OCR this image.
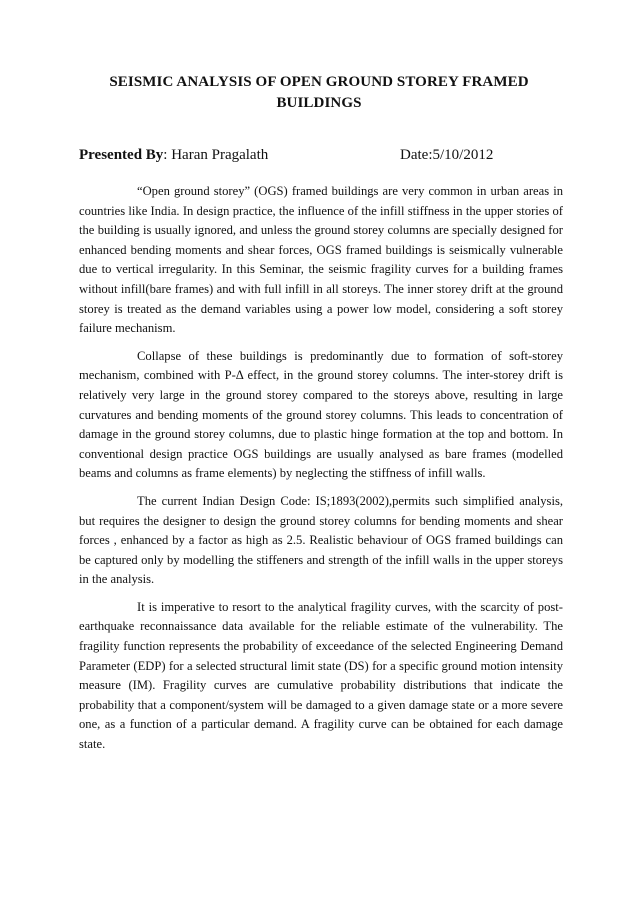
SEISMIC ANALYSIS OF OPEN GROUND STOREY FRAMED BUILDINGS
Presented By: Haran Pragalath	Date:5/10/2012

“Open ground storey” (OGS) framed buildings are very common in urban areas in countries like India. In design practice, the influence of the infill stiffness in the upper stories of the building is usually ignored, and unless the ground storey columns are specially designed for enhanced bending moments and shear forces, OGS framed buildings is seismically vulnerable due to vertical irregularity. In this Seminar, the seismic fragility curves for a building frames without infill(bare frames) and with full infill in all storeys. The inner storey drift at the ground storey is treated as the demand variables using a power low model, considering a soft storey failure mechanism.

Collapse of these buildings is predominantly due to formation of soft-storey mechanism, combined with P-Δ effect, in the ground storey columns. The inter-storey drift is relatively very large in the ground storey compared to the storeys above, resulting in large curvatures and bending moments of the ground storey columns. This leads to concentration of damage in the ground storey columns, due to plastic hinge formation at the top and bottom. In conventional design practice OGS buildings are usually analysed as bare frames (modelled beams and columns as frame elements) by neglecting the stiffness of infill walls.

The current Indian Design Code: IS;1893(2002),permits such simplified analysis, but requires the designer to design the ground storey columns for bending moments and shear forces , enhanced by a factor as high as 2.5. Realistic behaviour of OGS framed buildings can be captured only by modelling the stiffeners and strength of the infill walls in the upper storeys in the analysis.

It is imperative to resort to the analytical fragility curves, with the scarcity of post-earthquake reconnaissance data available for the reliable estimate of the vulnerability. The fragility function represents the probability of exceedance of the selected Engineering Demand Parameter (EDP) for a selected structural limit state (DS) for a specific ground motion intensity measure (IM). Fragility curves are cumulative probability distributions that indicate the probability that a component/system will be damaged to a given damage state or a more severe one, as a function of a particular demand. A fragility curve can be obtained for each damage state.
